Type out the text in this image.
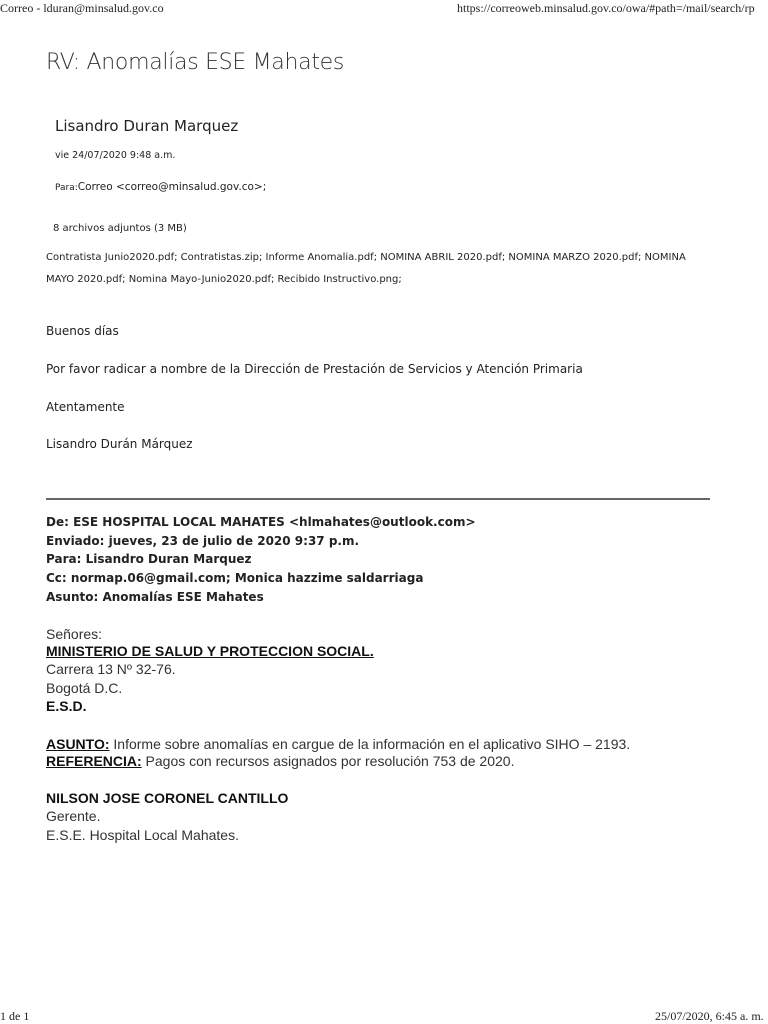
Correo - lduran@minsalud.gov.co	https://correoweb.minsalud.gov.co/owa/#path=/mail/search/rp
RV: Anomalías ESE Mahates
Lisandro Duran Marquez
vie 24/07/2020 9:48 a.m.
Para:Correo <correo@minsalud.gov.co>;
8 archivos adjuntos (3 MB)
Contratista Junio2020.pdf; Contratistas.zip; Informe Anomalia.pdf; NOMINA ABRIL 2020.pdf; NOMINA MARZO 2020.pdf; NOMINA MAYO 2020.pdf; Nomina Mayo-Junio2020.pdf; Recibido Instructivo.png;
Buenos días
Por favor radicar a nombre de la Dirección de Prestación de Servicios y Atención Primaria
Atentamente
Lisandro Durán Márquez
De: ESE HOSPITAL LOCAL MAHATES <hlmahates@outlook.com>
Enviado: jueves, 23 de julio de 2020 9:37 p.m.
Para: Lisandro Duran Marquez
Cc: normap.06@gmail.com; Monica hazzime saldarriaga
Asunto: Anomalías ESE Mahates
Señores:
MINISTERIO DE SALUD Y PROTECCION SOCIAL.
Carrera 13 Nº 32-76.
Bogotá D.C.
E.S.D.
ASUNTO: Informe sobre anomalías en cargue de la información en el aplicativo SIHO – 2193.
REFERENCIA: Pagos con recursos asignados por resolución 753 de 2020.
NILSON JOSE CORONEL CANTILLO
Gerente.
E.S.E. Hospital Local Mahates.
1 de 1	25/07/2020, 6:45 a. m.
